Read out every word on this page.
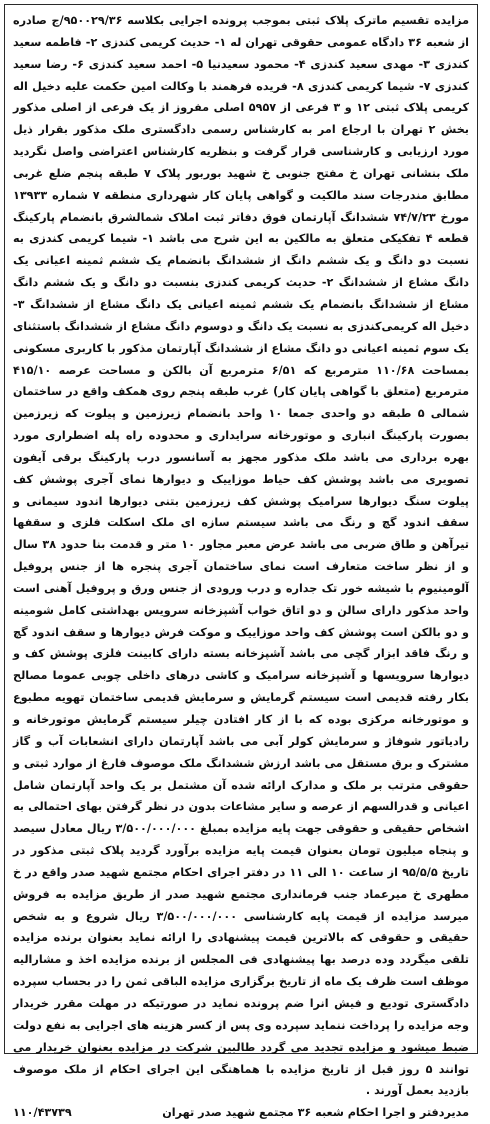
مزایده تقسیم ماترک پلاک ثبتی بموجب پرونده اجرایی بکلاسه ۹۵۰۰۲۹/۳۶/ج صادره از شعبه ۳۶ دادگاه عمومی حقوقی تهران له ۱- حدیث کریمی کندزی ۲- فاطمه سعید کندزی ۳- مهدی سعید کندزی ۴- محمود سعیدنیا ۵- احمد سعید کندزی ۶- رضا سعید کندزی ۷- شیما کریمی کندزی ۸- فریده فرهمند با وکالت امین حکمت علیه دخیل اله کریمی پلاک ثبتی ۱۲ و ۳ فرعی از ۵۹۵۷ اصلی مفروز از یک فرعی از اصلی مذکور بخش ۲ تهران با ارجاع امر به کارشناس رسمی دادگستری ملک مذکور بقرار ذیل مورد ارزیابی و کارشناسی قرار گرفت و بنظریه کارشناس اعتراضی واصل نگردید ملک بنشانی تهران خ مفتح جنوبی خ شهید بوربور پلاک ۷ طبقه پنجم ضلع غربی مطابق مندرجات سند مالکیت و گواهی پایان کار شهرداری منطقه ۷ شماره ۱۳۹۳۳ مورخ ۷۴/۷/۲۳ ششدانگ آپارتمان فوق دفاتر ثبت املاک شمالشرق بانضمام پارکینگ قطعه ۴ تفکیکی متعلق به مالکین به این شرح می باشد ۱- شیما کریمی کندزی به نسبت دو دانگ و یک ششم دانگ از ششدانگ بانضمام یک ششم ثمینه اعیانی یک دانگ مشاع از ششدانگ ۲- حدیث کریمی کندزی بنسبت دو دانگ و یک ششم دانگ مشاع از ششدانگ بانضمام یک ششم ثمینه اعیانی یک دانگ مشاع از ششدانگ ۳- دخیل اله کریمی‌کندزی به نسبت یک دانگ و دوسوم دانگ مشاع از ششدانگ باستثنای یک سوم ثمینه اعیانی دو دانگ مشاع از ششدانگ آپارتمان مذکور با کاربری مسکونی بمساحت ۱۱۰/۶۸ مترمربع که ۶/۵۱ مترمربع آن بالکن و مساحت عرصه ۴۱۵/۱۰ مترمربع (متعلق با گواهی پایان کار) غرب طبقه پنجم روی همکف واقع در ساختمان شمالی ۵ طبقه دو واحدی جمعا ۱۰ واحد بانضمام زیرزمین و پیلوت که زیرزمین بصورت پارکینگ انباری و موتورخانه سرایداری و محدوده راه پله اضطراری مورد بهره برداری می باشد ملک مذکور مجهز به آسانسور درب پارکینگ برقی آیفون تصویری می باشد پوشش کف حیاط موزاییک و دیوارها نمای آجری پوشش کف پیلوت سنگ دیوارها سرامیک پوشش کف زیرزمین بتنی دیوارها اندود سیمانی و سقف اندود گچ و رنگ می باشد سیستم سازه ای ملک اسکلت فلزی و سقفها تیرآهن و طاق ضربی می باشد عرض معبر مجاور ۱۰ متر و قدمت بنا حدود ۳۸ سال و از نظر ساخت متعارف است نمای ساختمان آجری پنجره ها از جنس پروفیل آلومینیوم با شیشه خور تک جداره و درب ورودی از جنس ورق و پروفیل آهنی است واحد مذکور دارای سالن و دو اتاق خواب آشپزخانه سرویس بهداشتی کامل شومینه و دو بالکن است پوشش کف واحد موزاییک و موکت فرش دیوارها و سقف اندود گچ و رنگ فاقد ابزار گچی می باشد آشپزخانه بسته دارای کابینت فلزی پوشش کف و دیوارها سرویسها و آشپزخانه سرامیک و کاشی درهای داخلی چوبی عموما مصالح بکار رفته قدیمی است سیستم گرمایش و سرمایش قدیمی ساختمان تهویه مطبوع و موتورخانه مرکزی بوده که با از کار افتادن چیلر سیستم گرمایش موتورخانه و رادیاتور شوفاژ و سرمایش کولر آبی می باشد آپارتمان دارای انشعابات آب و گاز مشترک و برق مستقل می باشد ارزش ششدانگ ملک موصوف فارغ از موارد ثبتی و حقوقی مترتب بر ملک و مدارک ارائه شده آن مشتمل بر یک واحد آپارتمان شامل اعیانی و قدرالسهم از عرصه و سایر مشاعات بدون در نظر گرفتن بهای احتمالی به اشخاص حقیقی و حقوقی جهت پایه مزایده بمبلغ ۳/۵۰۰/۰۰۰/۰۰۰ ریال معادل سیصد و پنجاه میلیون تومان بعنوان قیمت پایه مزایده برآورد گردید پلاک ثبتی مذکور در تاریخ ۹۵/۵/۵ از ساعت ۱۰ الی ۱۱ در دفتر اجرای احکام مجتمع شهید صدر واقع در خ مطهری خ میرعماد جنب فرمانداری مجتمع شهید صدر از طریق مزایده به فروش میرسد مزایده از قیمت پایه کارشناسی ۳/۵۰۰/۰۰۰/۰۰۰ ریال شروع و به شخص حقیقی و حقوقی که بالاترین قیمت پیشنهادی را ارائه نماید بعنوان برنده مزایده تلقی میگردد وده درصد بها پیشنهادی فی المجلس از برنده مزایده اخذ و مشارالیه موظف است ظرف یک ماه از تاریخ برگزاری مزایده الباقی ثمن را در بحساب سپرده دادگستری تودیع و فیش انرا ضم پرونده نماید در صورتیکه در مهلت مقرر خریدار وجه مزایده را پرداخت ننماید سپرده وی پس از کسر هزینه های اجرایی به نفع دولت ضبط میشود و مزایده تجدید می گردد طالبین شرکت در مزایده بعنوان خریدار می توانند ۵ روز قبل از تاریخ مزایده با هماهنگی این اجرای احکام از ملک موصوف بازدید بعمل آورند .

مدیردفتر و اجرا احکام شعبه ۳۶ مجتمع شهید صدر تهران
۱۱۰/۴۳۷۳۹
